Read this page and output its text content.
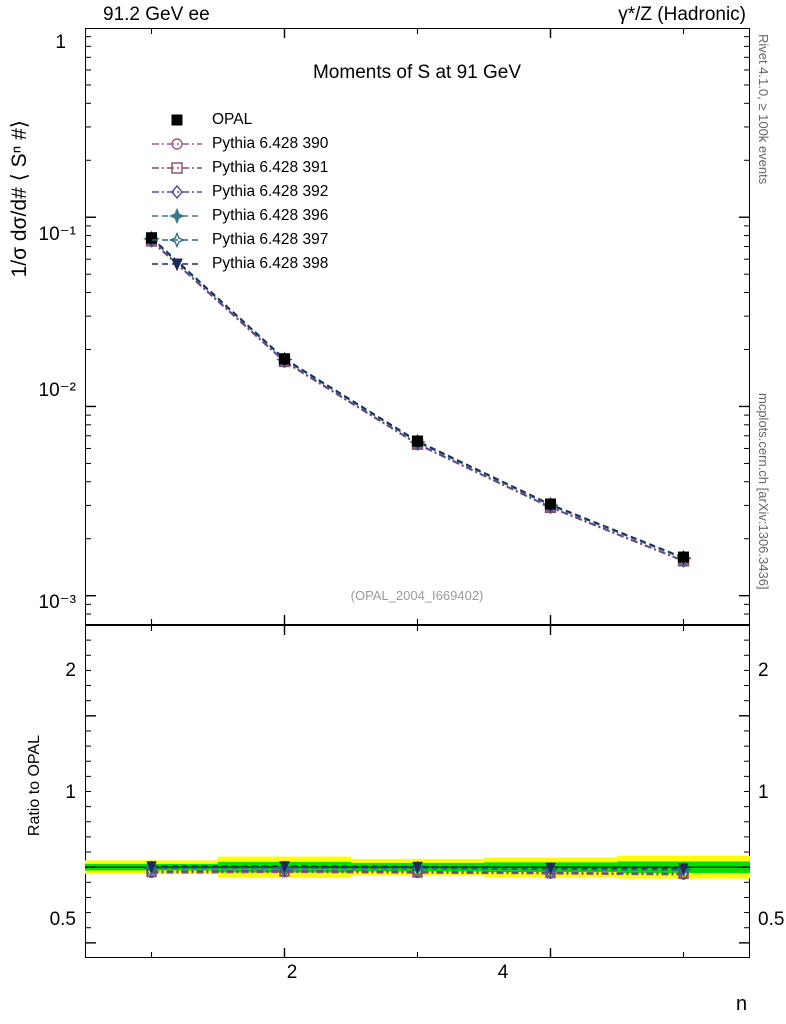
91.2 GeV ee	γ*/Z (Hadronic)
Rivet 4.1.0, ≥ 100k events
mcplots.cern.ch [arXiv:1306.3436]
1/σ dσ/d# ⟨ Sⁿ #⟩
Ratio to OPAL
n
1
10⁻¹
10⁻²
10⁻³
Moments of S at 91 GeV
(OPAL_2004_I669402)
OPAL
Pythia 6.428 390
Pythia 6.428 391
Pythia 6.428 392
Pythia 6.428 396
Pythia 6.428 397
Pythia 6.428 398
2
1
0.5
2
1
0.5
2	4
